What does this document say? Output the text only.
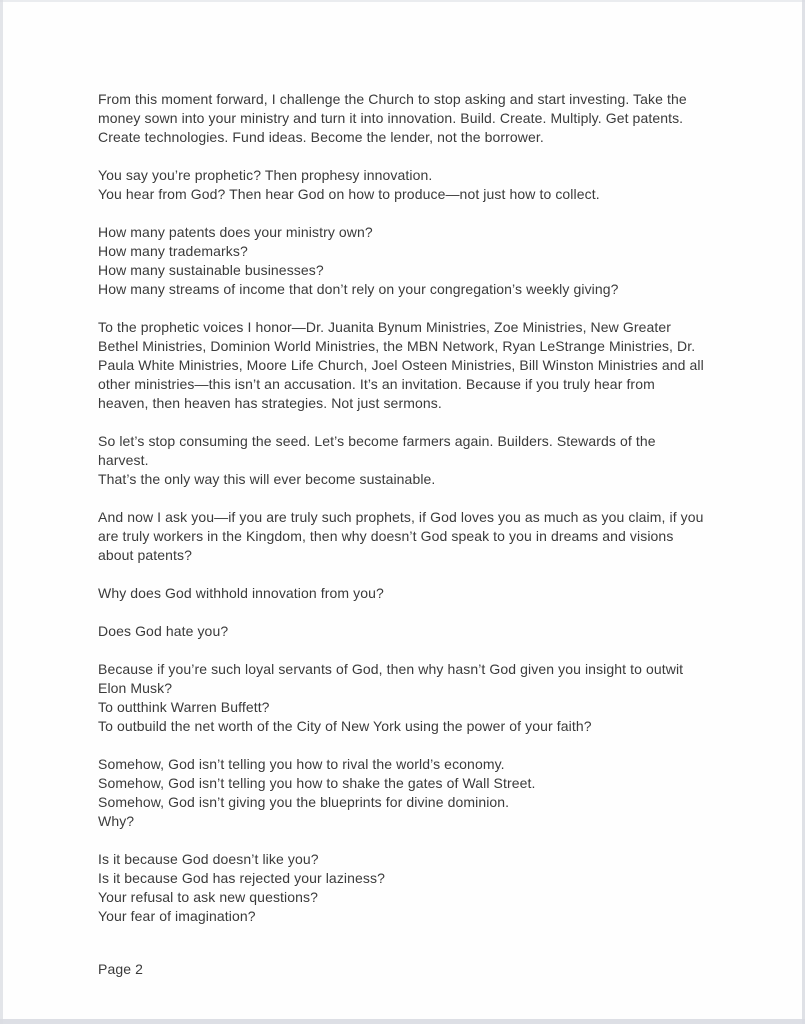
From this moment forward, I challenge the Church to stop asking and start investing. Take the
money sown into your ministry and turn it into innovation. Build. Create. Multiply. Get patents.
Create technologies. Fund ideas. Become the lender, not the borrower.

You say you’re prophetic? Then prophesy innovation.
You hear from God? Then hear God on how to produce—not just how to collect.

How many patents does your ministry own?
How many trademarks?
How many sustainable businesses?
How many streams of income that don’t rely on your congregation’s weekly giving?

To the prophetic voices I honor—Dr. Juanita Bynum Ministries, Zoe Ministries, New Greater
Bethel Ministries, Dominion World Ministries, the MBN Network, Ryan LeStrange Ministries, Dr.
Paula White Ministries, Moore Life Church, Joel Osteen Ministries, Bill Winston Ministries and all
other ministries—this isn’t an accusation. It’s an invitation. Because if you truly hear from
heaven, then heaven has strategies. Not just sermons.

So let’s stop consuming the seed. Let’s become farmers again. Builders. Stewards of the
harvest.
That’s the only way this will ever become sustainable.

And now I ask you—if you are truly such prophets, if God loves you as much as you claim, if you
are truly workers in the Kingdom, then why doesn’t God speak to you in dreams and visions
about patents?

Why does God withhold innovation from you?

Does God hate you?

Because if you’re such loyal servants of God, then why hasn’t God given you insight to outwit
Elon Musk?
To outthink Warren Buffett?
To outbuild the net worth of the City of New York using the power of your faith?

Somehow, God isn’t telling you how to rival the world’s economy.
Somehow, God isn’t telling you how to shake the gates of Wall Street.
Somehow, God isn’t giving you the blueprints for divine dominion.
Why?

Is it because God doesn’t like you?
Is it because God has rejected your laziness?
Your refusal to ask new questions?
Your fear of imagination?

Page 2
